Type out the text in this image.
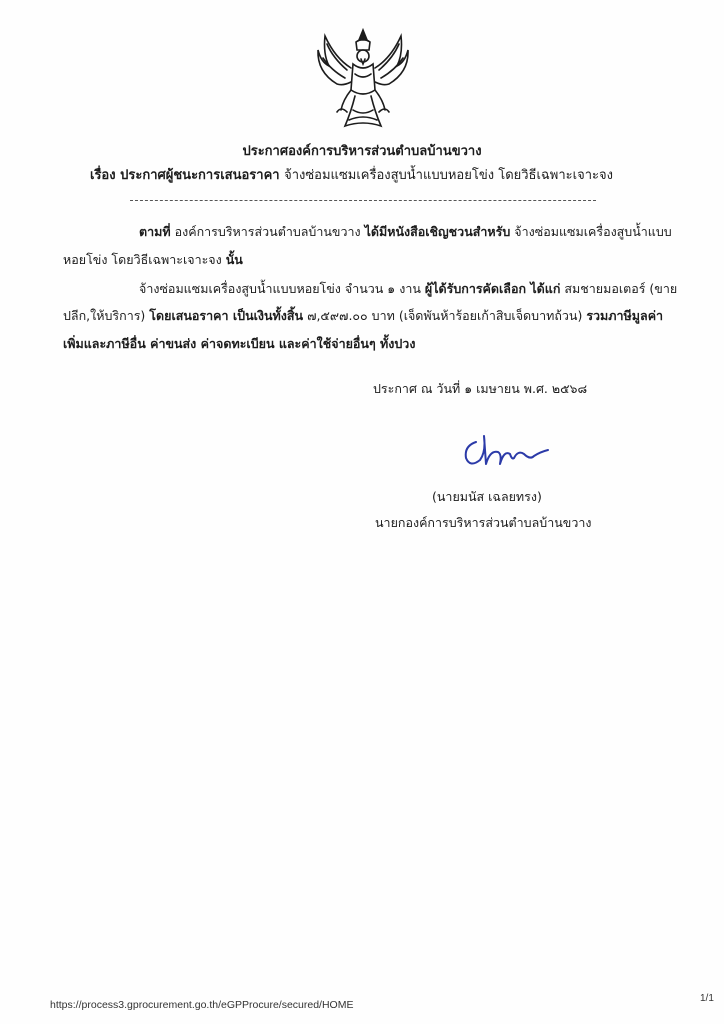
ประกาศองค์การบริหารส่วนตำบลบ้านขวาง
เรื่อง ประกาศผู้ชนะการเสนอราคา จ้างซ่อมแซมเครื่องสูบน้ำแบบหอยโข่ง โดยวิธีเฉพาะเจาะจง
ตามที่ องค์การบริหารส่วนตำบลบ้านขวาง ได้มีหนังสือเชิญชวนสำหรับ จ้างซ่อมแซมเครื่องสูบน้ำแบบ
หอยโข่ง โดยวิธีเฉพาะเจาะจง นั้น
จ้างซ่อมแซมเครื่องสูบน้ำแบบหอยโข่ง จำนวน ๑ งาน ผู้ได้รับการคัดเลือก ได้แก่ สมชายมอเตอร์ (ขาย
ปลีก,ให้บริการ) โดยเสนอราคา เป็นเงินทั้งสิ้น ๗,๕๙๗.๐๐ บาท (เจ็ดพันห้าร้อยเก้าสิบเจ็ดบาทถ้วน) รวมภาษีมูลค่า
เพิ่มและภาษีอื่น ค่าขนส่ง ค่าจดทะเบียน และค่าใช้จ่ายอื่นๆ ทั้งปวง
ประกาศ ณ วันที่ ๑ เมษายน พ.ศ. ๒๕๖๘
(นายมนัส เฉลยทรง)
นายกองค์การบริหารส่วนตำบลบ้านขวาง
https://process3.gprocurement.go.th/eGPProcure/secured/HOME
1/1
